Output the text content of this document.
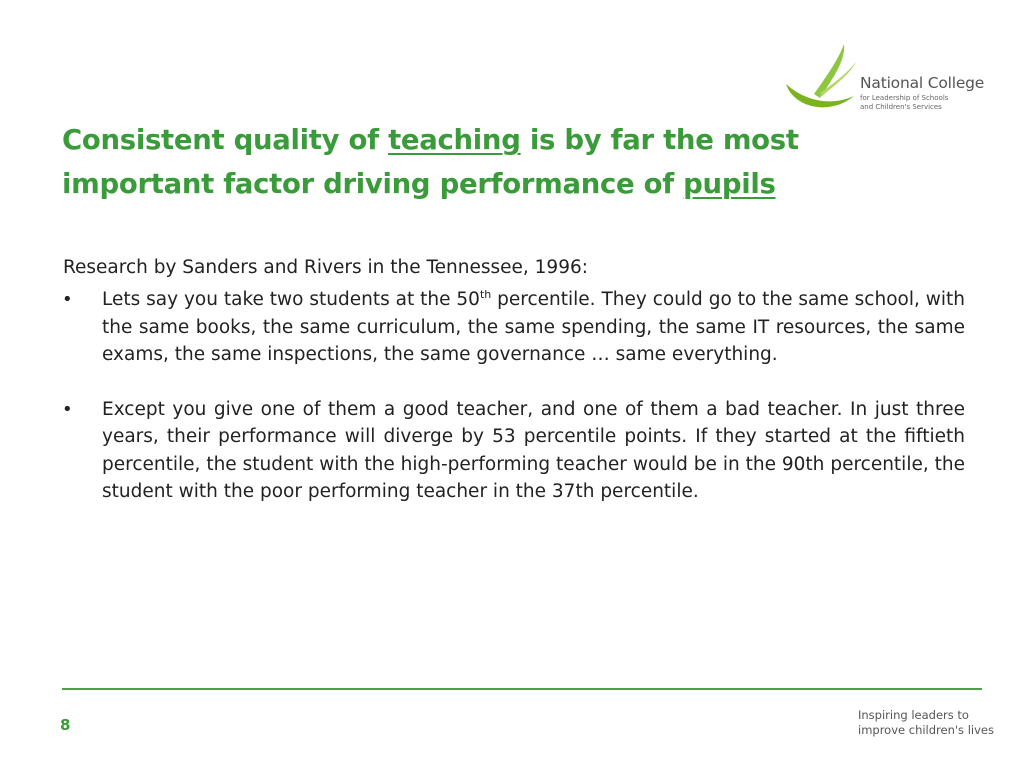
National College
for Leadership of Schools
and Children's Services
Consistent quality of teaching is by far the most important factor driving performance of pupils

Research by Sanders and Rivers in the Tennessee, 1996:

• Lets say you take two students at the 50th percentile. They could go to the same school, with the same books, the same curriculum, the same spending, the same IT resources, the same exams, the same inspections, the same governance … same everything.
• Except you give one of them a good teacher, and one of them a bad teacher. In just three years, their performance will diverge by 53 percentile points. If they started at the fiftieth percentile, the student with the high-performing teacher would be in the 90th percentile, the student with the poor performing teacher in the 37th percentile.
8
Inspiring leaders to
improve children's lives
